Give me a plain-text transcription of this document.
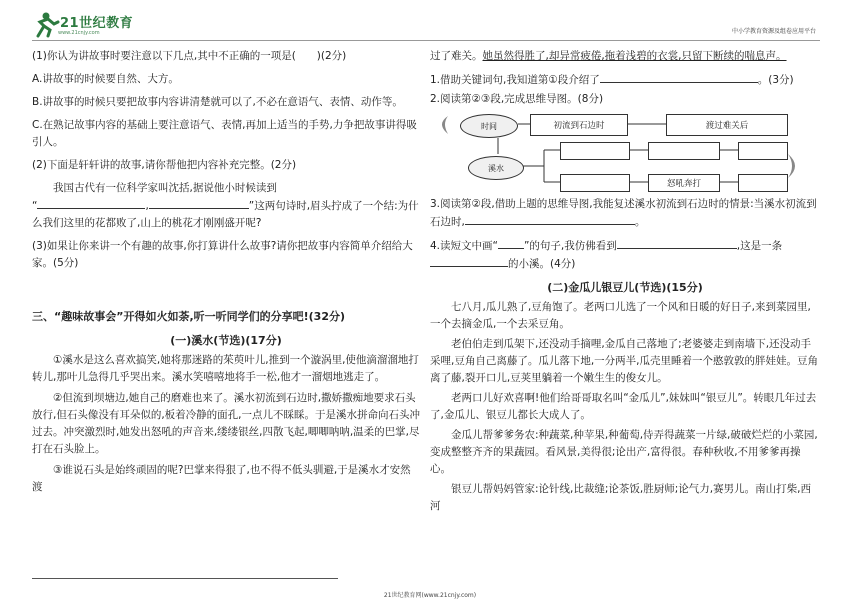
21世纪教育
www.21cnjy.com	中小学教育资源及组卷应用平台

(1)你认为讲故事时要注意以下几点,其中不正确的一项是(　　)(2分)

A.讲故事的时候要自然、大方。

B.讲故事的时候只要把故事内容讲清楚就可以了,不必在意语气、表情、动作等。

C.在熟记故事内容的基础上要注意语气、表情,再加上适当的手势,力争把故事讲得吸引人。

(2)下面是轩轩讲的故事,请你帮他把内容补充完整。(2分)

我国古代有一位科学家叫沈括,据说他小时候读到
“	,	”这两句诗时,眉头拧成了一个结:为什么我们这里的花都败了,山上的桃花才刚刚盛开呢?

(3)如果让你来讲一个有趣的故事,你打算讲什么故事?请你把故事内容简单介绍给大家。(5分)

三、“趣味故事会”开得如火如荼,听一听同学们的分享吧!(32分)

(一)溪水(节选)(17分)

①溪水是这么喜欢搞笑,她将那迷路的茱萸叶儿,推到一个漩涡里,使他滴溜溜地打转儿,那叶儿急得几乎哭出来。溪水笑嘻嘻地将手一松,他才一溜烟地逃走了。

②但流到坝塘边,她自己的磨难也来了。溪水初流到石边时,撒娇撒痴地要求石头放行,但石头像没有耳朵似的,板着冷静的面孔,一点儿不睬睬。于是溪水拼命向石头冲过去。冲突激烈时,她发出怒吼的声音来,缕缕银丝,四散飞起,唧唧呐呐,温柔的巴掌,尽打在石头脸上。

③谁说石头是始终顽固的呢?巴掌来得狠了,也不得不低头驯避,于是溪水才安然渡

过了难关。她虽然得胜了,却异常疲倦,拖着浅碧的衣裳,只留下断续的喘息声。

1.借助关键词句,我知道第①段介绍了	。(3分)

2.阅读第②③段,完成思维导图。(8分)

时间	初流到石边时	渡过难关后
溪水
怒吼奔打

3.阅读第②段,借助上题的思维导图,我能复述溪水初流到石边时的情景:当溪水初流到石边时,	。

4.读短文中画“ ”的句子,我仿佛看到	,这是一条的小溪。(4分)

(二)金瓜儿银豆儿(节选)(15分)

七八月,瓜儿熟了,豆角饱了。老两口儿选了一个风和日暖的好日子,来到菜园里,一个去摘金瓜,一个去采豆角。

老伯伯走到瓜架下,还没动手摘哩,金瓜自己落地了;老婆婆走到南墙下,还没动手采哩,豆角自己离藤了。瓜儿落下地,一分两半,瓜壳里睡着一个憨敦敦的胖娃娃。豆角离了藤,裂开口儿,豆荚里躺着一个嫩生生的俊女儿。

老两口儿好欢喜啊!他们给哥哥取名叫“金瓜儿”,妹妹叫“银豆儿”。转眼几年过去了,金瓜儿、银豆儿都长大成人了。

金瓜儿帮爹爹务农:种蔬菜,种苹果,种葡萄,侍弄得蔬菜一片绿,破破烂烂的小菜园,变成整整齐齐的果蔬园。看风景,美得很;论出产,富得很。春种秋收,不用爹爹再操心。

银豆儿帮妈妈管家:论针线,比裁缝;论茶饭,胜厨师;论气力,赛男儿。南山打柴,西河

21世纪教育网(www.21cnjy.com)
